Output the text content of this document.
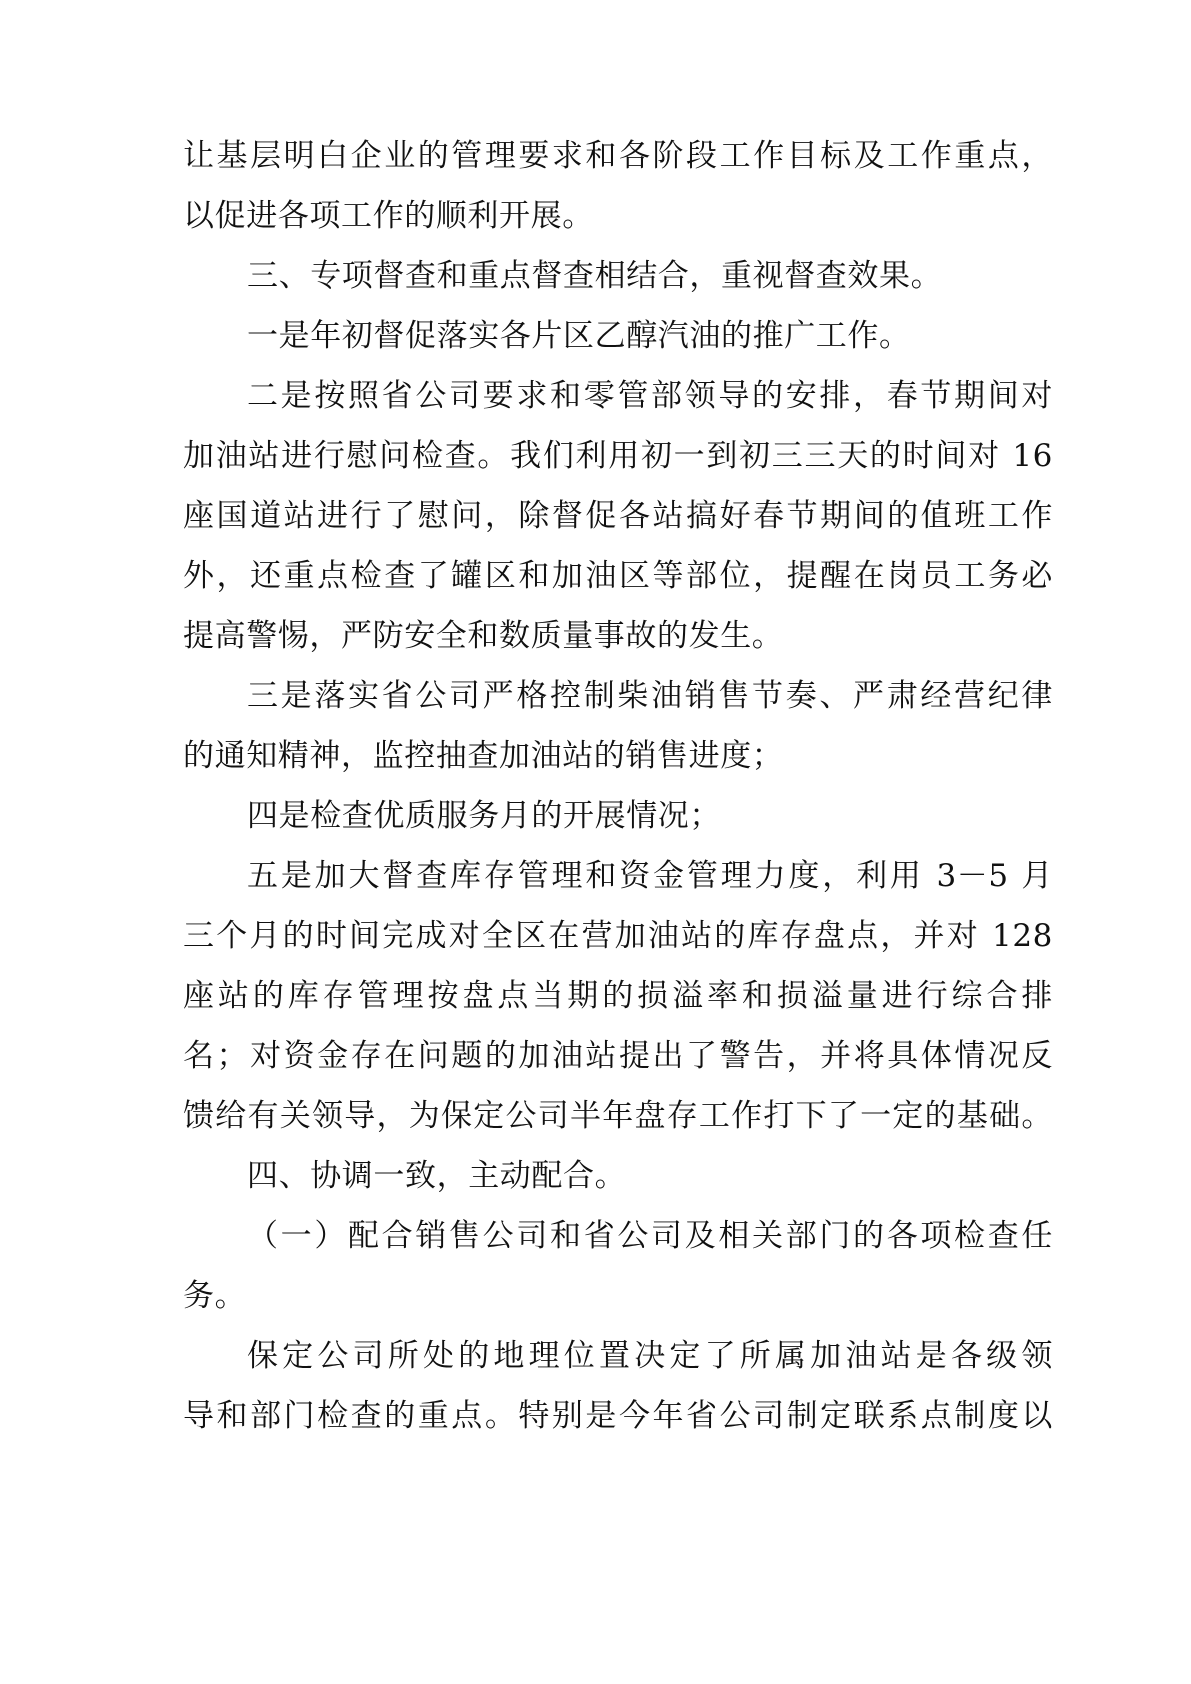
让基层明白企业的管理要求和各阶段工作目标及工作重点，
以促进各项工作的顺利开展。
三、专项督查和重点督查相结合，重视督查效果。
一是年初督促落实各片区乙醇汽油的推广工作。
二是按照省公司要求和零管部领导的安排，春节期间对
加油站进行慰问检查。我们利用初一到初三三天的时间对 16
座国道站进行了慰问，除督促各站搞好春节期间的值班工作
外，还重点检查了罐区和加油区等部位，提醒在岗员工务必
提高警惕，严防安全和数质量事故的发生。
三是落实省公司严格控制柴油销售节奏、严肃经营纪律
的通知精神，监控抽查加油站的销售进度；
四是检查优质服务月的开展情况；
五是加大督查库存管理和资金管理力度，利用 3－5 月
三个月的时间完成对全区在营加油站的库存盘点，并对 128
座站的库存管理按盘点当期的损溢率和损溢量进行综合排
名；对资金存在问题的加油站提出了警告，并将具体情况反
馈给有关领导，为保定公司半年盘存工作打下了一定的基础。
四、协调一致，主动配合。
（一）配合销售公司和省公司及相关部门的各项检查任
务。
保定公司所处的地理位置决定了所属加油站是各级领
导和部门检查的重点。特别是今年省公司制定联系点制度以
